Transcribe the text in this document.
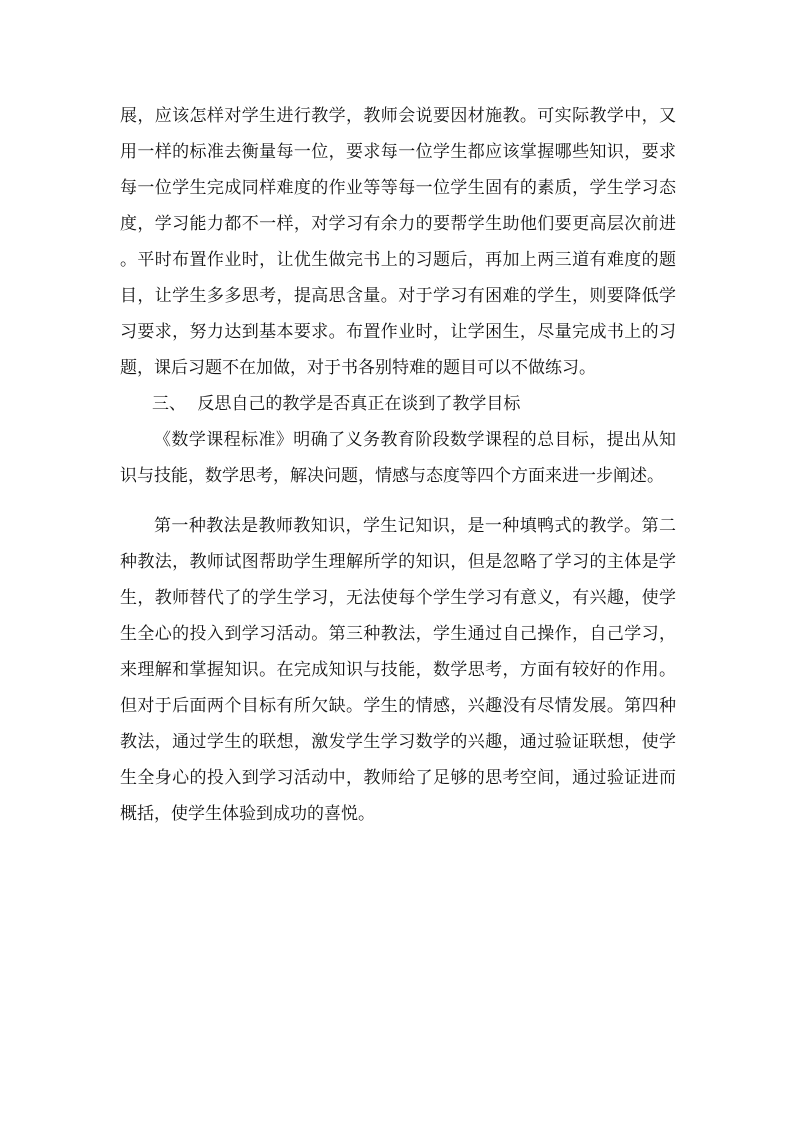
展，应该怎样对学生进行教学，教师会说要因材施教。可实际教学中，又用一样的标准去衡量每一位，要求每一位学生都应该掌握哪些知识，要求每一位学生完成同样难度的作业等等每一位学生固有的素质，学生学习态度，学习能力都不一样，对学习有余力的要帮学生助他们要更高层次前进。平时布置作业时，让优生做完书上的习题后，再加上两三道有难度的题目，让学生多多思考，提高思含量。对于学习有困难的学生，则要降低学习要求，努力达到基本要求。布置作业时，让学困生，尽量完成书上的习题，课后习题不在加做，对于书各别特难的题目可以不做练习。

三、 反思自己的教学是否真正在谈到了教学目标

《数学课程标准》明确了义务教育阶段数学课程的总目标，提出从知识与技能，数学思考，解决问题，情感与态度等四个方面来进一步阐述。

第一种教法是教师教知识，学生记知识，是一种填鸭式的教学。第二种教法，教师试图帮助学生理解所学的知识，但是忽略了学习的主体是学生，教师替代了的学生学习，无法使每个学生学习有意义，有兴趣，使学生全心的投入到学习活动。第三种教法，学生通过自己操作，自己学习，来理解和掌握知识。在完成知识与技能，数学思考，方面有较好的作用。但对于后面两个目标有所欠缺。学生的情感，兴趣没有尽情发展。第四种教法，通过学生的联想，激发学生学习数学的兴趣，通过验证联想，使学生全身心的投入到学习活动中，教师给了足够的思考空间，通过验证进而概括，使学生体验到成功的喜悦。
